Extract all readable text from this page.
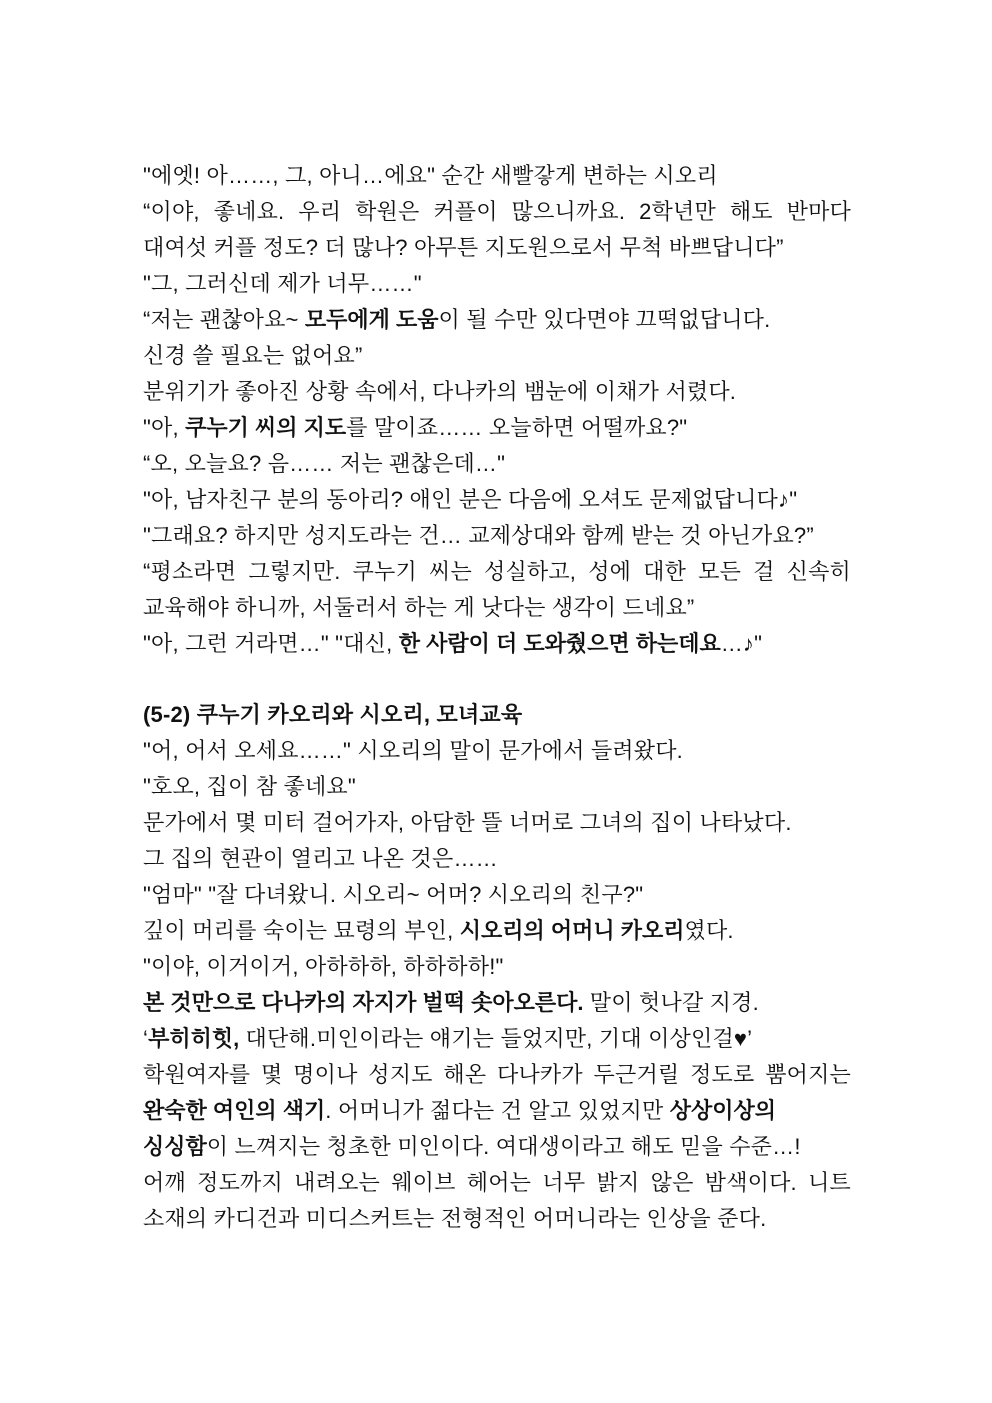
(5-2) 쿠누기 카오리와 시오리, 모녀교육
"에엣! 아……, 그, 아니…에요" 순간 새빨갛게 변하는 시오리
“이야, 좋네요. 우리 학원은 커플이 많으니까요. 2학년만 해도 반마다
대여섯 커플 정도? 더 많나? 아무튼 지도원으로서 무척 바쁘답니다”
"그, 그러신데 제가 너무……"
“저는 괜찮아요~ 모두에게 도움이 될 수만 있다면야 끄떡없답니다.
신경 쓸 필요는 없어요”
분위기가 좋아진 상황 속에서, 다나카의 뱀눈에 이채가 서렸다.
"아, 쿠누기 씨의 지도를 말이죠…… 오늘하면 어떨까요?"
“오, 오늘요? 음…… 저는 괜찮은데…"
"아, 남자친구 분의 동아리? 애인 분은 다음에 오셔도 문제없답니다♪"
"그래요? 하지만 성지도라는 건… 교제상대와 함께 받는 것 아닌가요?”
“평소라면 그렇지만. 쿠누기 씨는 성실하고, 성에 대한 모든 걸 신속히
교육해야 하니까, 서둘러서 하는 게 낫다는 생각이 드네요”
"아, 그런 거라면…" "대신, 한 사람이 더 도와줬으면 하는데요…♪"
"어, 어서 오세요……" 시오리의 말이 문가에서 들려왔다.
"호오, 집이 참 좋네요"
문가에서 몇 미터 걸어가자, 아담한 뜰 너머로 그녀의 집이 나타났다.
그 집의 현관이 열리고 나온 것은……
"엄마" "잘 다녀왔니. 시오리~ 어머? 시오리의 친구?"
깊이 머리를 숙이는 묘령의 부인, 시오리의 어머니 카오리였다.
"이야, 이거이거, 아하하하, 하하하하!"
본 것만으로 다나카의 자지가 벌떡 솟아오른다. 말이 헛나갈 지경.
‘부히히힛, 대단해.미인이라는 얘기는 들었지만, 기대 이상인걸♥’
학원여자를 몇 명이나 성지도 해온 다나카가 두근거릴 정도로 뿜어지는
완숙한 여인의 색기. 어머니가 젊다는 건 알고 있었지만 상상이상의
싱싱함이 느껴지는 청초한 미인이다. 여대생이라고 해도 믿을 수준…!
어깨 정도까지 내려오는 웨이브 헤어는 너무 밝지 않은 밤색이다. 니트
소재의 카디건과 미디스커트는 전형적인 어머니라는 인상을 준다.
